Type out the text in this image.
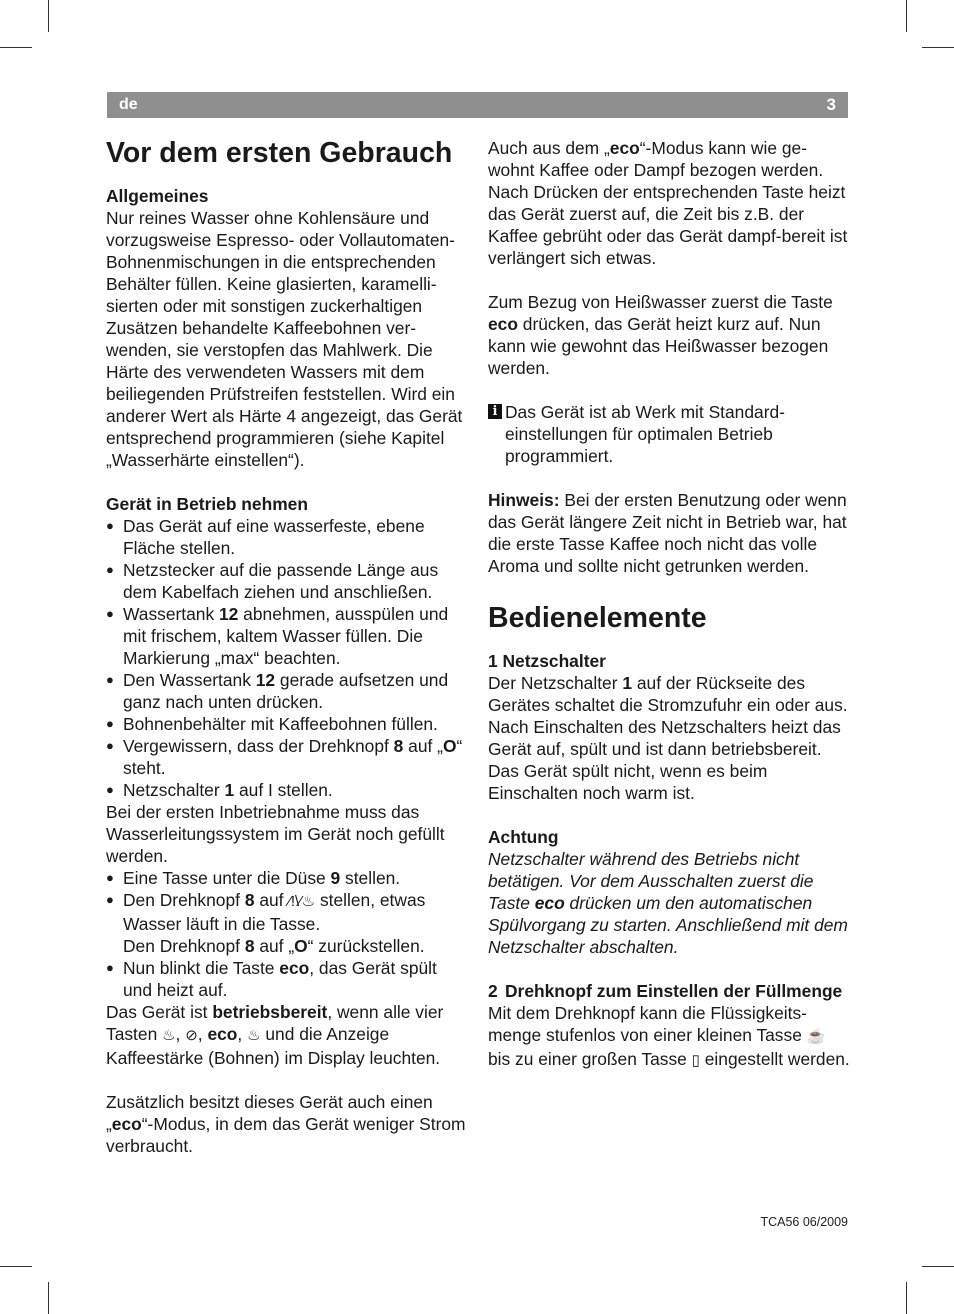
de	3
Vor dem ersten Gebrauch

Allgemeines

Nur reines Wasser ohne Kohlensäure und vorzugsweise Espresso- oder Vollautomaten-Bohnenmischungen in die entsprechenden Behälter füllen. Keine glasierten, karamelli-sierten oder mit sonstigen zuckerhaltigen Zusätzen behandelte Kaffeebohnen ver-wenden, sie verstopfen das Mahlwerk. Die Härte des verwendeten Wassers mit dem beiliegenden Prüfstreifen feststellen. Wird ein anderer Wert als Härte 4 angezeigt, das Gerät entsprechend programmieren (siehe Kapitel „Wasserhärte einstellen“).

Gerät in Betrieb nehmen

● Das Gerät auf eine wasserfeste, ebene Fläche stellen.
● Netzstecker auf die passende Länge aus dem Kabelfach ziehen und anschließen.
● Wassertank 12 abnehmen, ausspülen und mit frischem, kaltem Wasser füllen. Die Markierung „max“ beachten.
● Den Wassertank 12 gerade aufsetzen und ganz nach unten drücken.
● Bohnenbehälter mit Kaffeebohnen füllen.
● Vergewissern, dass der Drehknopf 8 auf „O“ steht.
● Netzschalter 1 auf I stellen.

Bei der ersten Inbetriebnahme muss das Wasserleitungssystem im Gerät noch gefüllt werden.

● Eine Tasse unter die Düse 9 stellen.
● Den Drehknopf 8 auf ⁄!\⁄♨ stellen, etwas Wasser läuft in die Tasse.
Den Drehknopf 8 auf „O“ zurückstellen.
● Nun blinkt die Taste eco, das Gerät spült und heizt auf.

Das Gerät ist betriebsbereit, wenn alle vier Tasten ♨, ⊘, eco, ♨ und die Anzeige Kaffeestärke (Bohnen) im Display leuchten.

Zusätzlich besitzt dieses Gerät auch einen „eco“-Modus, in dem das Gerät weniger Strom verbraucht.

Auch aus dem „eco“-Modus kann wie ge-wohnt Kaffee oder Dampf bezogen werden. Nach Drücken der entsprechenden Taste heizt das Gerät zuerst auf, die Zeit bis z.B. der Kaffee gebrüht oder das Gerät dampf-bereit ist verlängert sich etwas.

Zum Bezug von Heißwasser zuerst die Taste eco drücken, das Gerät heizt kurz auf. Nun kann wie gewohnt das Heißwasser bezogen werden.

i Das Gerät ist ab Werk mit Standard-einstellungen für optimalen Betrieb programmiert.

Hinweis: Bei der ersten Benutzung oder wenn das Gerät längere Zeit nicht in Betrieb war, hat die erste Tasse Kaffee noch nicht das volle Aroma und sollte nicht getrunken werden.

Bedienelemente

1 Netzschalter

Der Netzschalter 1 auf der Rückseite des Gerätes schaltet die Stromzufuhr ein oder aus.

Nach Einschalten des Netzschalters heizt das Gerät auf, spült und ist dann betriebsbereit.

Das Gerät spült nicht, wenn es beim Einschalten noch warm ist.

Achtung

Netzschalter während des Betriebs nicht betätigen. Vor dem Ausschalten zuerst die Taste eco drücken um den automatischen Spülvorgang zu starten. Anschließend mit dem Netzschalter abschalten.

2 Drehknopf zum Einstellen der Füllmenge

Mit dem Drehknopf kann die Flüssigkeits-menge stufenlos von einer kleinen Tasse ☕ bis zu einer großen Tasse ▯ eingestellt werden.

TCA56 06/2009
